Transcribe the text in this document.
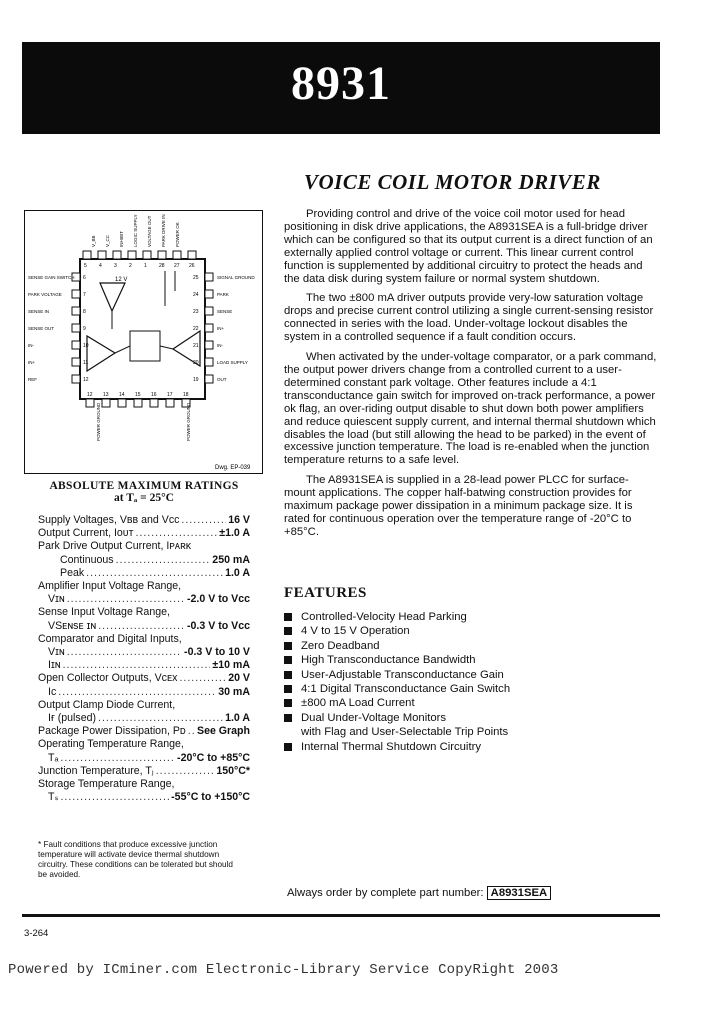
8931
VOICE COIL MOTOR DRIVER
12 V
Dwg. EP-039
5 4 3 2 1 28 27 26
V_BB V_CC INHIBIT LOGIC SUPPLY VOLTAGE OUT PARK DRIVE IN POWER OK
6
7
8
9
10
11
12
SENSE GAIN SWITCH
PARK VOLTAGE
SENSE IN
SENSE OUT
IN-
IN+
REF
25
24
23
22
21
20
19
SIGNAL GROUND
PARK
SENSE
IN+
IN-
LOAD SUPPLY
OUT
12 13 14 15 16 17 18
POWER GROUND	POWER GROUND

Providing control and drive of the voice coil motor used for head positioning in disk drive applications, the A8931SEA is a full-bridge driver which can be configured so that its output current is a direct function of an externally applied control voltage or current. This linear current control function is supplemented by additional circuitry to protect the heads and the data disk during system failure or normal system shutdown.

The two ±800 mA driver outputs provide very-low saturation voltage drops and precise current control utilizing a single current-sensing resistor connected in series with the load. Under-voltage lockout disables the system in a controlled sequence if a fault condition occurs.

When activated by the under-voltage comparator, or a park command, the output power drivers change from a controlled current to a user-determined constant park voltage. Other features include a 4:1 transconductance gain switch for improved on-track performance, a power ok flag, an over-riding output disable to shut down both power amplifiers and reduce quiescent supply current, and internal thermal shutdown which disables the load (but still allowing the head to be parked) in the event of excessive junction temperature. The load is re-enabled when the junction temperature returns to a safe level.

The A8931SEA is supplied in a 28-lead power PLCC for surface-mount applications. The copper half-batwing construction provides for maximum package power dissipation in a minimum package size. It is rated for continuous operation over the temperature range of -20°C to +85°C.

ABSOLUTE MAXIMUM RATINGS
at Tₐ = 25°C
Supply Voltages, Vʙʙ and Vᴄᴄ .....	16 V
Output Current, Iᴏᴜᴛ .....	±1.0 A
Park Drive Output Current, Iᴘᴀʀᴋ
Continuous .....	250 mA
Peak .....	1.0 A
Amplifier Input Voltage Range,
Vɪɴ .....	-2.0 V to Vᴄᴄ
Sense Input Voltage Range,
VЅᴇɴѕᴇ ɪɴ .....	-0.3 V to Vᴄᴄ
Comparator and Digital Inputs,
Vɪɴ .....	-0.3 V to 10 V
Iɪɴ .....	±10 mA
Open Collector Outputs, Vᴄᴇx .....	20 V
Iᴄ .....	30 mA
Output Clamp Diode Current,
Iғ (pulsed) .....	1.0 A
Package Power Dissipation, Pᴅ ..... See Graph
Operating Temperature Range,
Tₐ .....	-20°C to +85°C
Junction Temperature, Tⱼ .....	150°C*
Storage Temperature Range,
Tₛ .....	-55°C to +150°C
* Fault conditions that produce excessive junction temperature will activate device thermal shutdown circuitry. These conditions can be tolerated but should be avoided.
FEATURES
Controlled-Velocity Head Parking
4 V to 15 V Operation
Zero Deadband
High Transconductance Bandwidth
User-Adjustable Transconductance Gain
4:1 Digital Transconductance Gain Switch
±800 mA Load Current
Dual Under-Voltage Monitors
with Flag and User-Selectable Trip Points
Internal Thermal Shutdown Circuitry
Always order by complete part number: A8931SEA
3-264
Powered by ICminer.com Electronic-Library Service CopyRight 2003
